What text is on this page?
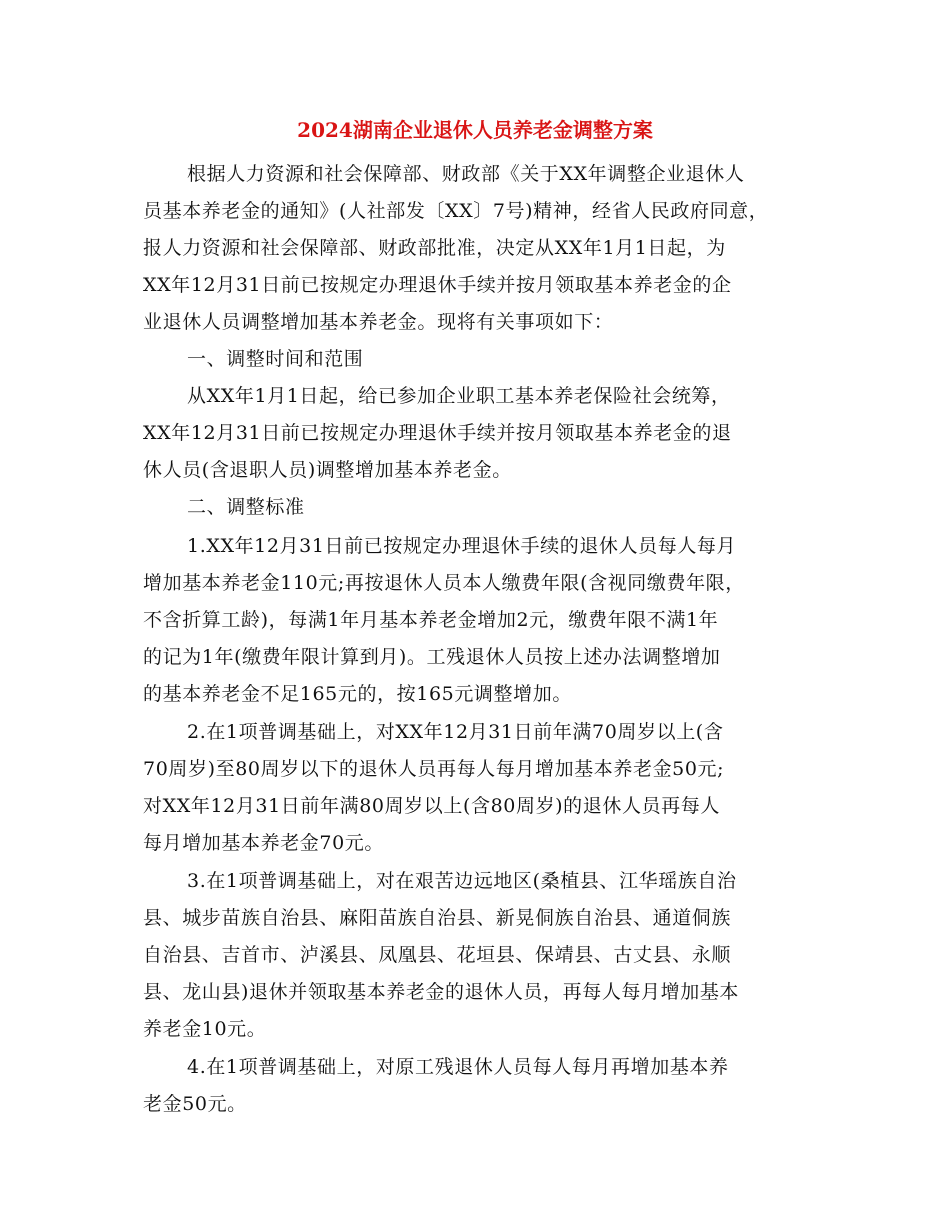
2024湖南企业退休人员养老金调整方案
根据人力资源和社会保障部、财政部《关于XX年调整企业退休人
员基本养老金的通知》(人社部发〔XX〕7号)精神，经省人民政府同意，
报人力资源和社会保障部、财政部批准，决定从XX年1月1日起，为
XX年12月31日前已按规定办理退休手续并按月领取基本养老金的企
业退休人员调整增加基本养老金。现将有关事项如下：
一、调整时间和范围
从XX年1月1日起，给已参加企业职工基本养老保险社会统筹，
XX年12月31日前已按规定办理退休手续并按月领取基本养老金的退
休人员(含退职人员)调整增加基本养老金。
二、调整标准
1.XX年12月31日前已按规定办理退休手续的退休人员每人每月
增加基本养老金110元;再按退休人员本人缴费年限(含视同缴费年限，
不含折算工龄)，每满1年月基本养老金增加2元，缴费年限不满1年
的记为1年(缴费年限计算到月)。工残退休人员按上述办法调整增加
的基本养老金不足165元的，按165元调整增加。
2.在1项普调基础上，对XX年12月31日前年满70周岁以上(含
70周岁)至80周岁以下的退休人员再每人每月增加基本养老金50元;
对XX年12月31日前年满80周岁以上(含80周岁)的退休人员再每人
每月增加基本养老金70元。
3.在1项普调基础上，对在艰苦边远地区(桑植县、江华瑶族自治
县、城步苗族自治县、麻阳苗族自治县、新晃侗族自治县、通道侗族
自治县、吉首市、泸溪县、凤凰县、花垣县、保靖县、古丈县、永顺
县、龙山县)退休并领取基本养老金的退休人员，再每人每月增加基本
养老金10元。
4.在1项普调基础上，对原工残退休人员每人每月再增加基本养
老金50元。
